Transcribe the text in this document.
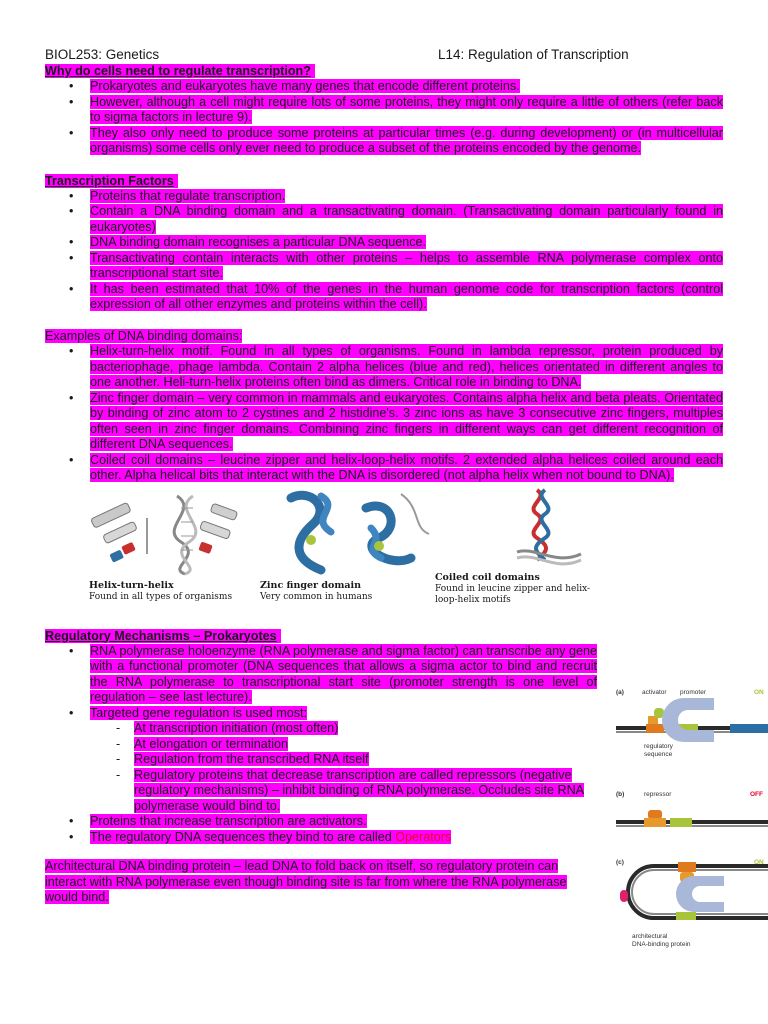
BIOL253: Genetics	L14: Regulation of Transcription
Why do cells need to regulate transcription?
• Prokaryotes and eukaryotes have many genes that encode different proteins.
• However, although a cell might require lots of some proteins, they might only require a little of others (refer back to sigma factors in lecture 9).
• They also only need to produce some proteins at particular times (e.g. during development) or (in multicellular organisms) some cells only ever need to produce a subset of the proteins encoded by the genome.
Transcription Factors
• Proteins that regulate transcription.
• Contain a DNA binding domain and a transactivating domain. (Transactivating domain particularly found in eukaryotes)
• DNA binding domain recognises a particular DNA sequence.
• Transactivating contain interacts with other proteins – helps to assemble RNA polymerase complex onto transcriptional start site.
• It has been estimated that 10% of the genes in the human genome code for transcription factors (control expression of all other enzymes and proteins within the cell).

Examples of DNA binding domains:

• Helix-turn-helix motif. Found in all types of organisms. Found in lambda repressor, protein produced by bacteriophage, phage lambda. Contain 2 alpha helices (blue and red), helices orientated in different angles to one another. Heli-turn-helix proteins often bind as dimers. Critical role in binding to DNA.
• Zinc finger domain – very common in mammals and eukaryotes. Contains alpha helix and beta pleats. Orientated by binding of zinc atom to 2 cystines and 2 histidine's. 3 zinc ions as have 3 consecutive zinc fingers, multiples often seen in zinc finger domains. Combining zinc fingers in different ways can get different recognition of different DNA sequences.
• Coiled coil domains – leucine zipper and helix-loop-helix motifs. 2 extended alpha helices coiled around each other. Alpha helical bits that interact with the DNA is disordered (not alpha helix when not bound to DNA).
Helix-turn-helix
Found in all types of organisms
Zinc finger domain
Very common in humans
Coiled coil domains
Found in leucine zipper and helix-loop-helix motifs
Regulatory Mechanisms – Prokaryotes
• RNA polymerase holoenzyme (RNA polymerase and sigma factor) can transcribe any gene with a functional promoter (DNA sequences that allows a sigma actor to bind and recruit the RNA polymerase to transcriptional start site (promoter strength is one level of regulation – see last lecture).
• Targeted gene regulation is used most:
- At transcription initiation (most often)
- At elongation or termination
- Regulation from the transcribed RNA itself
- Regulatory proteins that decrease transcription are called repressors (negative regulatory mechanisms) – inhibit binding of RNA polymerase. Occludes site RNA polymerase would bind to.
• Proteins that increase transcription are activators.
• The regulatory DNA sequences they bind to are called Operators

Architectural DNA binding protein – lead DNA to fold back on itself, so regulatory protein can interact with RNA polymerase even though binding site is far from where the RNA polymerase would bind.

(a)	activator promoter	ON
regulatory
sequence
(b)	repressor	OFF
(c)	ON
architectural
DNA-binding protein
